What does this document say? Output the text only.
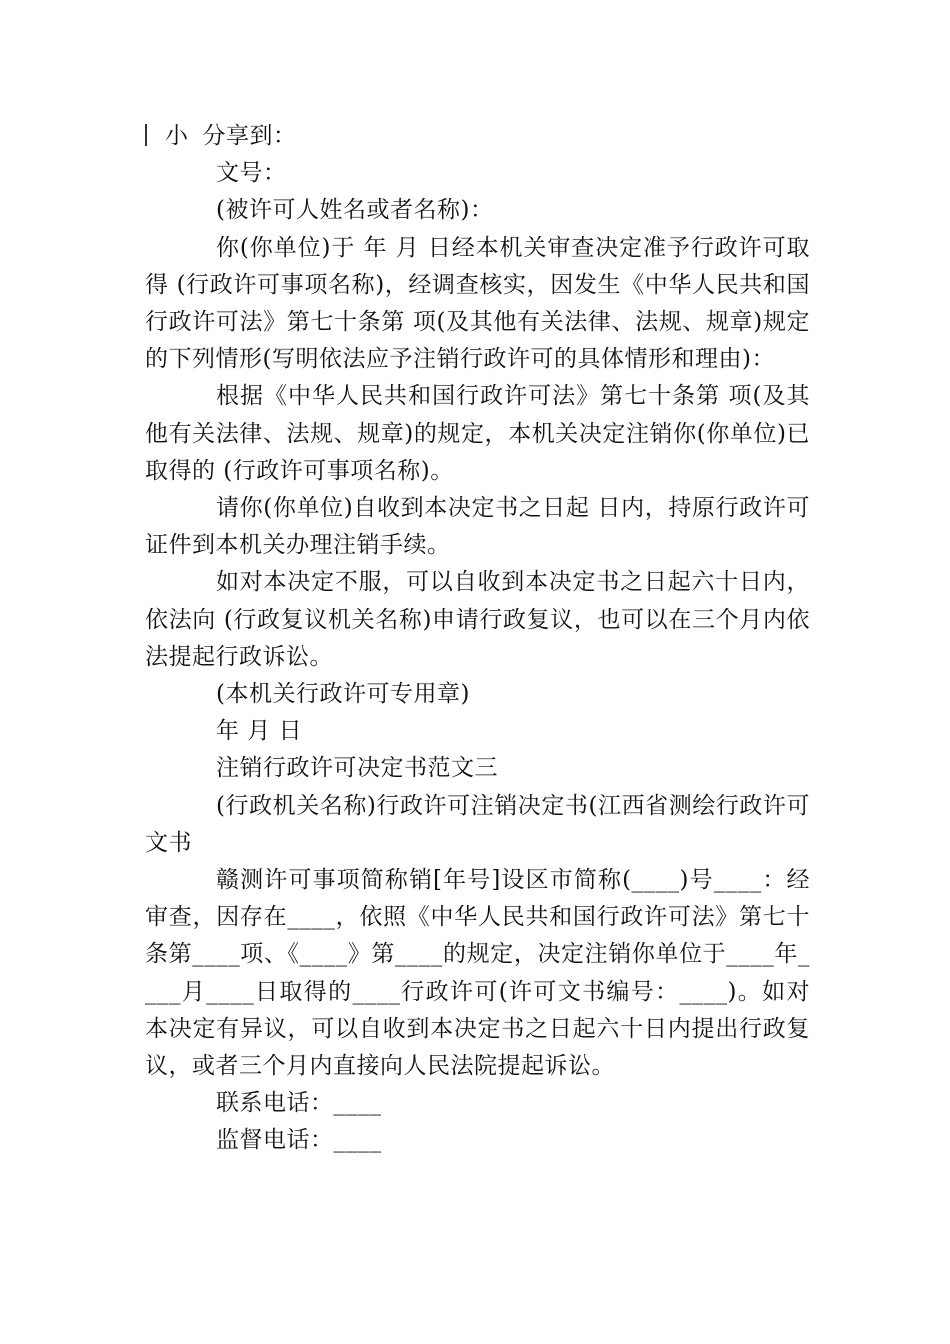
小 分享到：

文号：

(被许可人姓名或者名称)：

你(你单位)于 年 月 日经本机关审查决定准予行政许可取得 (行政许可事项名称)，经调查核实，因发生《中华人民共和国行政许可法》第七十条第 项(及其他有关法律、法规、规章)规定的下列情形(写明依法应予注销行政许可的具体情形和理由)：

根据《中华人民共和国行政许可法》第七十条第 项(及其他有关法律、法规、规章)的规定，本机关决定注销你(你单位)已取得的 (行政许可事项名称)。

请你(你单位)自收到本决定书之日起 日内，持原行政许可证件到本机关办理注销手续。

如对本决定不服，可以自收到本决定书之日起六十日内，依法向 (行政复议机关名称)申请行政复议，也可以在三个月内依法提起行政诉讼。

(本机关行政许可专用章)

年 月 日

注销行政许可决定书范文三

(行政机关名称)行政许可注销决定书(江西省测绘行政许可文书

赣测许可事项简称销[年号]设区市简称(____)号____：经审查，因存在____，依照《中华人民共和国行政许可法》第七十条第____项、《____》第____的规定，决定注销你单位于____年____月____日取得的____行政许可(许可文书编号：____)。如对本决定有异议，可以自收到本决定书之日起六十日内提出行政复议，或者三个月内直接向人民法院提起诉讼。

联系电话：____

监督电话：____
